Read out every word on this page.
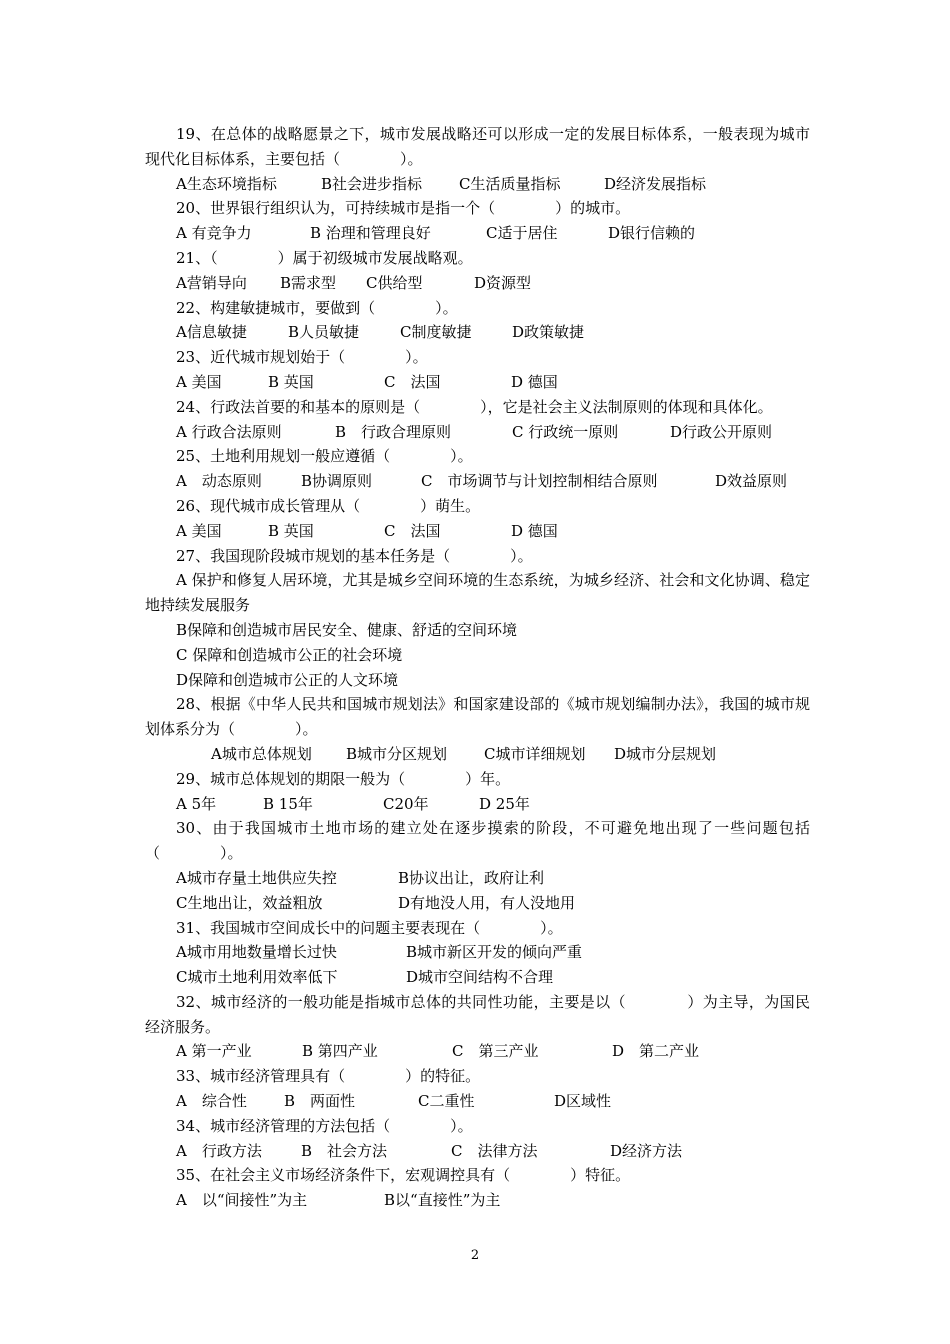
19、在总体的战略愿景之下，城市发展战略还可以形成一定的发展目标体系，一般表现为城市现代化目标体系，主要包括（　　　　）。
A生态环境指标	B社会进步指标 C生活质量指标	D经济发展指标
20、世界银行组织认为，可持续城市是指一个（　　　　）的城市。
A 有竞争力	B 治理和管理良好	C适于居住	D银行信赖的
21、（　　　　）属于初级城市发展战略观。
A营销导向 B需求型 C供给型	D资源型
22、构建敏捷城市，要做到（　　　　）。
A信息敏捷	B人员敏捷	C制度敏捷	D政策敏捷
23、近代城市规划始于（　　　　）。
A 美国	B 英国	C　法国	D 德国
24、行政法首要的和基本的原则是（　　　　），它是社会主义法制原则的体现和具体化。
A 行政合法原则	B　行政合理原则	C 行政统一原则	D行政公开原则
25、土地利用规划一般应遵循（　　　　）。
A　动态原则	B协调原则	C　市场调节与计划控制相结合原则	D效益原则
26、现代城市成长管理从（　　　　）萌生。
A 美国	B 英国	C　法国	D 德国
27、我国现阶段城市规划的基本任务是（　　　　）。
A 保护和修复人居环境，尤其是城乡空间环境的生态系统，为城乡经济、社会和文化协调、稳定地持续发展服务
B保障和创造城市居民安全、健康、舒适的空间环境
C 保障和创造城市公正的社会环境
D保障和创造城市公正的人文环境
28、根据《中华人民共和国城市规划法》和国家建设部的《城市规划编制办法》，我国的城市规划体系分为（　　　　）。
A城市总体规划 B城市分区规划 C城市详细规划 D城市分层规划
29、城市总体规划的期限一般为（　　　　）年。
A 5年	B 15年	C20年	D 25年
30、由于我国城市土地市场的建立处在逐步摸索的阶段，不可避免地出现了一些问题包括（　　　　）。
A城市存量土地供应失控	B协议出让，政府让利
C生地出让，效益粗放	D有地没人用，有人没地用
31、我国城市空间成长中的问题主要表现在（　　　　）。
A城市用地数量增长过快	B城市新区开发的倾向严重
C城市土地利用效率低下	D城市空间结构不合理
32、城市经济的一般功能是指城市总体的共同性功能，主要是以（　　　　）为主导，为国民经济服务。
A 第一产业	B 第四产业	C　第三产业	D　第二产业
33、城市经济管理具有（　　　　）的特征。
A　综合性 B　两面性	C二重性	D区域性
34、城市经济管理的方法包括（　　　　）。
A　行政方法	B　社会方法	C　法律方法	D经济方法
35、在社会主义市场经济条件下，宏观调控具有（　　　　）特征。
A　以“间接性”为主	B以“直接性”为主
2
